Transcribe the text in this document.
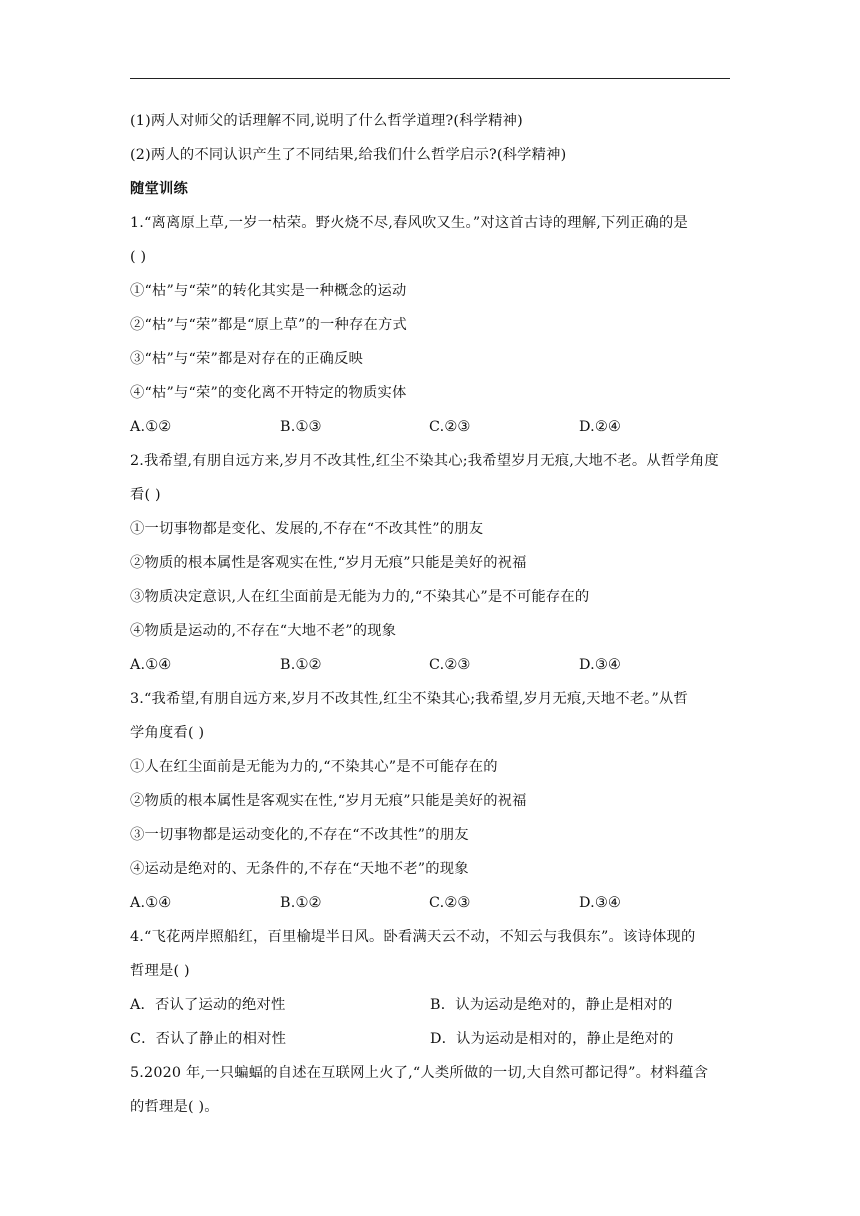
(1)两人对师父的话理解不同,说明了什么哲学道理?(科学精神)
(2)两人的不同认识产生了不同结果,给我们什么哲学启示?(科学精神)
随堂训练
1.“离离原上草,一岁一枯荣。野火烧不尽,春风吹又生。”对这首古诗的理解,下列正确的是
( )
①“枯”与“荣”的转化其实是一种概念的运动
②“枯”与“荣”都是“原上草”的一种存在方式
③“枯”与“荣”都是对存在的正确反映
④“枯”与“荣”的变化离不开特定的物质实体
A.①②	B.①③	C.②③	D.②④
2.我希望,有朋自远方来,岁月不改其性,红尘不染其心;我希望岁月无痕,大地不老。从哲学角度
看( )
①一切事物都是变化、发展的,不存在“不改其性”的朋友
②物质的根本属性是客观实在性,“岁月无痕”只能是美好的祝福
③物质决定意识,人在红尘面前是无能为力的,“不染其心”是不可能存在的
④物质是运动的,不存在“大地不老”的现象
A.①④	B.①②	C.②③	D.③④
3.“我希望,有朋自远方来,岁月不改其性,红尘不染其心;我希望,岁月无痕,天地不老。”从哲
学角度看( )
①人在红尘面前是无能为力的,“不染其心”是不可能存在的
②物质的根本属性是客观实在性,“岁月无痕”只能是美好的祝福
③一切事物都是运动变化的,不存在“不改其性”的朋友
④运动是绝对的、无条件的,不存在“天地不老”的现象
A.①④	B.①②	C.②③	D.③④
4.“飞花两岸照船红，百里榆堤半日风。卧看满天云不动，不知云与我俱东”。该诗体现的
哲理是( )
A．否认了运动的绝对性	B．认为运动是绝对的，静止是相对的
C．否认了静止的相对性	D．认为运动是相对的，静止是绝对的
5.2020 年,一只蝙蝠的自述在互联网上火了,“人类所做的一切,大自然可都记得”。材料蕴含
的哲理是( )。
